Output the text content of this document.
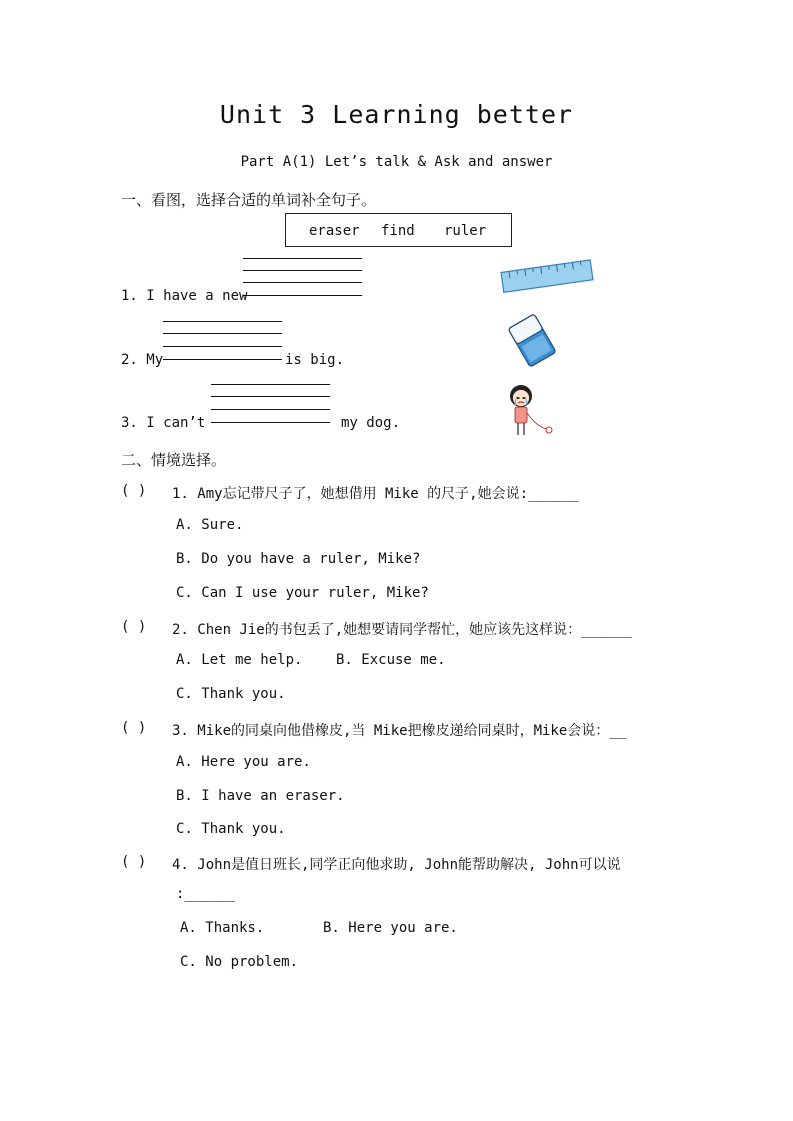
Unit 3 Learning better
Part A(1) Let’s talk & Ask and answer
一、看图，选择合适的单词补全句子。
eraser find ruler
1. I have a new
2. My	is big.
3. I can’t	my dog.
二、情境选择。
( ) 1. Amy忘记带尺子了，她想借用 Mike 的尺子,她会说:______
A. Sure.
B. Do you have a ruler, Mike?
C. Can I use your ruler, Mike?
( ) 2. Chen Jie的书包丢了,她想要请同学帮忙，她应该先这样说：______
A. Let me help. B. Excuse me.
C. Thank you.
( ) 3. Mike的同桌向他借橡皮,当 Mike把橡皮递给同桌时，Mike会说：__
A. Here you are.
B. I have an eraser.
C. Thank you.
( ) 4. John是值日班长,同学正向他求助, John能帮助解决, John可以说
:______
A. Thanks.	B. Here you are.
C. No problem.
